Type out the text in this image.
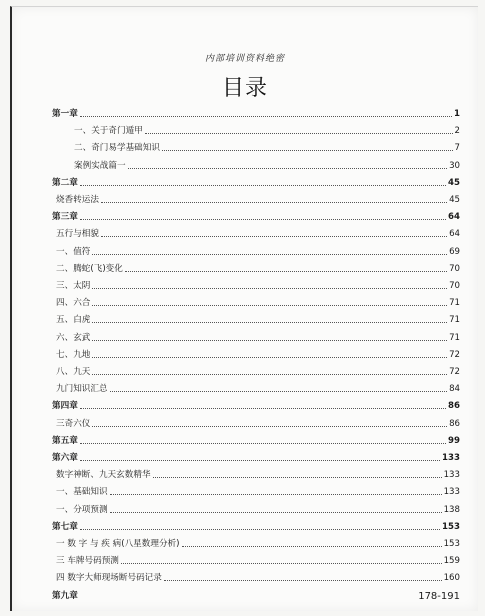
内部培训资料绝密
目录
第一章	1
一、关于奇门遁甲	2
二、奇门易学基础知识	7
案例实战篇一	30
第二章	45
烧香转运法	45
第三章	64
五行与相貌	64
一、值符	69
二、腾蛇(飞)变化	70
三、太阴	70
四、六合	71
五、白虎	71
六、玄武	71
七、九地	72
八、九天	72
九门知识汇总	84
第四章	86
三奇六仪	86
第五章	99
第六章	133
数字神断、九天玄数精华	133
一、基础知识	133
一、分项预测	138
第七章	153
一 数 字 与 疾 病(八星数理分析)	153
三 车牌号码预测	159
四 数字大师现场断号码记录	160
第九章	178-191
